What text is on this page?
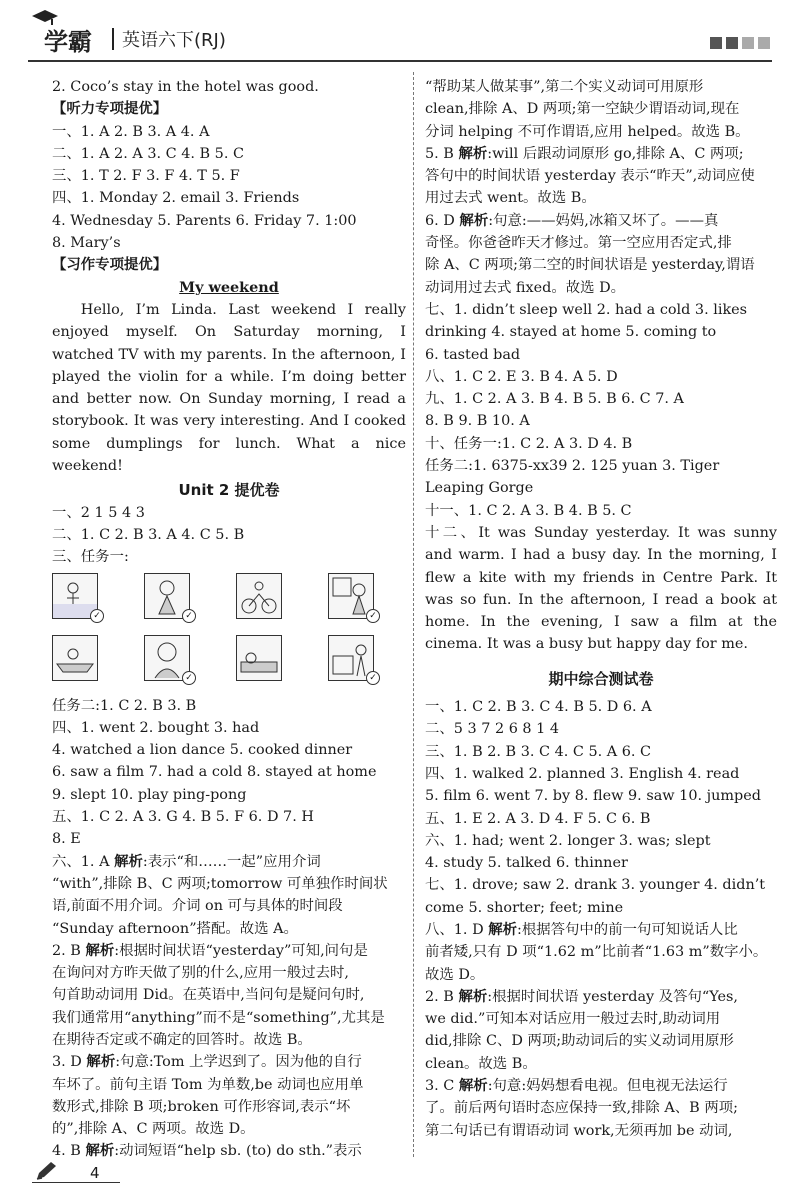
学霸 英语六下(RJ)
2. Coco’s stay in the hotel was good.
【听力专项提优】
一、1. A 2. B 3. A 4. A
二、1. A 2. A 3. C 4. B 5. C
三、1. T 2. F 3. F 4. T 5. F
四、1. Monday 2. email 3. Friends
4. Wednesday 5. Parents 6. Friday 7. 1:00
8. Mary’s
【习作专项提优】
My weekend
Hello, I’m Linda. Last weekend I really enjoyed myself. On Saturday morning, I watched TV with my parents. In the afternoon, I played the violin for a while. I’m doing better and better now. On Sunday morning, I read a storybook. It was very interesting. And I cooked some dumplings for lunch. What a nice weekend!
Unit 2 提优卷
一、2 1 5 4 3
二、1. C 2. B 3. A 4. C 5. B
三、任务一:
✓	✓	✓
✓	✓
任务二:1. C 2. B 3. B
四、1. went 2. bought 3. had
4. watched a lion dance 5. cooked dinner
6. saw a film 7. had a cold 8. stayed at home
9. slept 10. play ping-pong
五、1. C 2. A 3. G 4. B 5. F 6. D 7. H
8. E
六、1. A 解析:表示“和……一起”应用介词
“with”,排除 B、C 两项;tomorrow 可单独作时间状
语,前面不用介词。介词 on 可与具体的时间段
“Sunday afternoon”搭配。故选 A。
2. B 解析:根据时间状语“yesterday”可知,问句是
在询问对方昨天做了别的什么,应用一般过去时,
句首助动词用 Did。在英语中,当问句是疑问句时,
我们通常用“anything”而不是“something”,尤其是
在期待否定或不确定的回答时。故选 B。
3. D 解析:句意:Tom 上学迟到了。因为他的自行
车坏了。前句主语 Tom 为单数,be 动词也应用单
数形式,排除 B 项;broken 可作形容词,表示“坏
的”,排除 A、C 两项。故选 D。
4. B 解析:动词短语“help sb. (to) do sth.”表示
“帮助某人做某事”,第二个实义动词可用原形
clean,排除 A、D 两项;第一空缺少谓语动词,现在
分词 helping 不可作谓语,应用 helped。故选 B。
5. B 解析:will 后跟动词原形 go,排除 A、C 两项;
答句中的时间状语 yesterday 表示“昨天”,动词应使
用过去式 went。故选 B。
6. D 解析:句意:——妈妈,冰箱又坏了。——真
奇怪。你爸爸昨天才修过。第一空应用否定式,排
除 A、C 两项;第二空的时间状语是 yesterday,谓语
动词用过去式 fixed。故选 D。
七、1. didn’t sleep well 2. had a cold 3. likes
drinking 4. stayed at home 5. coming to
6. tasted bad
八、1. C 2. E 3. B 4. A 5. D
九、1. C 2. A 3. B 4. B 5. B 6. C 7. A
8. B 9. B 10. A
十、任务一:1. C 2. A 3. D 4. B
任务二:1. 6375-xx39 2. 125 yuan 3. Tiger
Leaping Gorge
十一、1. C 2. A 3. B 4. B 5. C
十二、It was Sunday yesterday. It was sunny and warm. I had a busy day. In the morning, I flew a kite with my friends in Centre Park. It was so fun. In the afternoon, I read a book at home. In the evening, I saw a film at the cinema. It was a busy but happy day for me.
期中综合测试卷
一、1. C 2. B 3. C 4. B 5. D 6. A
二、5 3 7 2 6 8 1 4
三、1. B 2. B 3. C 4. C 5. A 6. C
四、1. walked 2. planned 3. English 4. read
5. film 6. went 7. by 8. flew 9. saw 10. jumped
五、1. E 2. A 3. D 4. F 5. C 6. B
六、1. had; went 2. longer 3. was; slept
4. study 5. talked 6. thinner
七、1. drove; saw 2. drank 3. younger 4. didn’t
come 5. shorter; feet; mine
八、1. D 解析:根据答句中的前一句可知说话人比
前者矮,只有 D 项“1.62 m”比前者“1.63 m”数字小。
故选 D。
2. B 解析:根据时间状语 yesterday 及答句“Yes,
we did.”可知本对话应用一般过去时,助动词用
did,排除 C、D 两项;助动词后的实义动词用原形
clean。故选 B。
3. C 解析:句意:妈妈想看电视。但电视无法运行
了。前后两句语时态应保持一致,排除 A、B 两项;
第二句话已有谓语动词 work,无须再加 be 动词,
4
